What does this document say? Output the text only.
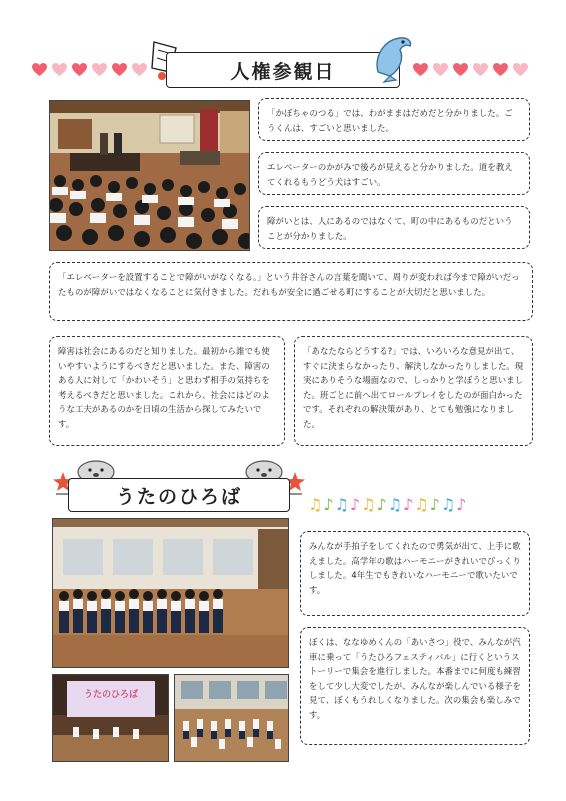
人権参観日
「かぼちゃのつる」では、わがままはだめだと分かりました。ごうくんは、すごいと思いました。
エレベーターのかがみで後ろが見えると分かりました。道を教えてくれるもうどう犬はすごい。
障がいとは、人にあるのではなくて、町の中にあるものだということが分かりました。
「エレベーターを設置することで障がいがなくなる。」という井谷さんの言葉を聞いて、周りが変われば今まで障がいだったものが障がいではなくなることに気付きました。だれもが安全に過ごせる町にすることが大切だと思いました。
障害は社会にあるのだと知りました。最初から誰でも使いやすいようにするべきだと思いました。また、障害のある人に対して「かわいそう」と思わず相手の気持ちを考えるべきだと思いました。これから、社会にはどのような工夫があるのかを日頃の生活から探してみたいです。
「あなたならどうする?」では、いろいろな意見が出て、すぐに決まらなかったり、解決しなかったりしました。現実にありそうな場面なので、しっかりと学ぼうと思いました。班ごとに前へ出てロールプレイをしたのが面白かったです。それぞれの解決策があり、とても勉強になりました。
うたのひろば	♫ ♪ ♫ ♪ ♫ ♪ ♫ ♪ ♫ ♪ ♫ ♪
うたのひろば
みんなが手拍子をしてくれたので勇気が出て、上手に歌えました。高学年の歌はハーモニーがきれいでびっくりしました。4年生でもきれいなハーモニーで歌いたいです。
ぼくは、ななゆめくんの「あいさつ」役で、みんなが汽車に乗って「うたひろフェスティバル」に行くというストーリーで集会を進行しました。本番までに何度も練習をして少し大変でしたが、みんなが楽しんでいる様子を見て、ぼくもうれしくなりました。次の集会も楽しみです。
